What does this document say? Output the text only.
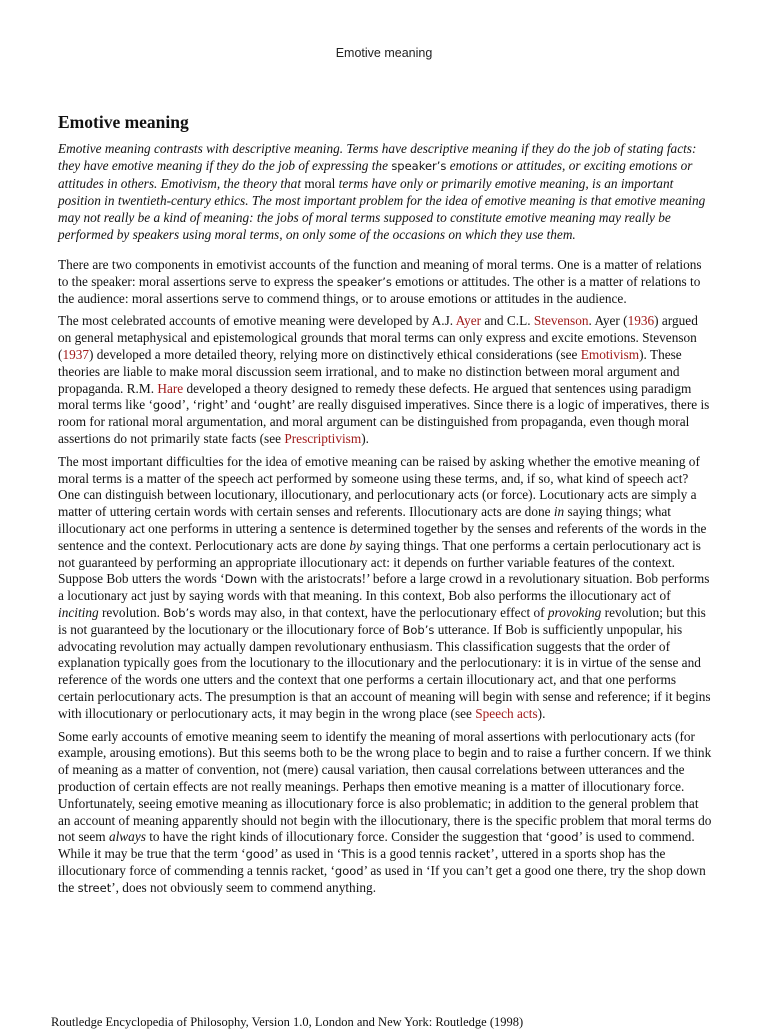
Emotive meaning
Emotive meaning

Emotive meaning contrasts with descriptive meaning. Terms have descriptive meaning if they do the job of stating facts: they have emotive meaning if they do the job of expressing the speaker’s emotions or attitudes, or exciting emotions or attitudes in others. Emotivism, the theory that moral terms have only or primarily emotive meaning, is an important position in twentieth-century ethics. The most important problem for the idea of emotive meaning is that emotive meaning may not really be a kind of meaning: the jobs of moral terms supposed to constitute emotive meaning may really be performed by speakers using moral terms, on only some of the occasions on which they use them.

There are two components in emotivist accounts of the function and meaning of moral terms. One is a matter of relations to the speaker: moral assertions serve to express the speaker’s emotions or attitudes. The other is a matter of relations to the audience: moral assertions serve to commend things, or to arouse emotions or attitudes in the audience.

The most celebrated accounts of emotive meaning were developed by A.J. Ayer and C.L. Stevenson. Ayer (1936) argued on general metaphysical and epistemological grounds that moral terms can only express and excite emotions. Stevenson (1937) developed a more detailed theory, relying more on distinctively ethical considerations (see Emotivism). These theories are liable to make moral discussion seem irrational, and to make no distinction between moral argument and propaganda. R.M. Hare developed a theory designed to remedy these defects. He argued that sentences using paradigm moral terms like ‘good’, ‘right’ and ‘ought’ are really disguised imperatives. Since there is a logic of imperatives, there is room for rational moral argumentation, and moral argument can be distinguished from propaganda, even though moral assertions do not primarily state facts (see Prescriptivism).

The most important difficulties for the idea of emotive meaning can be raised by asking whether the emotive meaning of moral terms is a matter of the speech act performed by someone using these terms, and, if so, what kind of speech act? One can distinguish between locutionary, illocutionary, and perlocutionary acts (or force). Locutionary acts are simply a matter of uttering certain words with certain senses and referents. Illocutionary acts are done in saying things; what illocutionary act one performs in uttering a sentence is determined together by the senses and referents of the words in the sentence and the context. Perlocutionary acts are done by saying things. That one performs a certain perlocutionary act is not guaranteed by performing an appropriate illocutionary act: it depends on further variable features of the context. Suppose Bob utters the words ‘Down with the aristocrats!’ before a large crowd in a revolutionary situation. Bob performs a locutionary act just by saying words with that meaning. In this context, Bob also performs the illocutionary act of inciting revolution. Bob’s words may also, in that context, have the perlocutionary effect of provoking revolution; but this is not guaranteed by the locutionary or the illocutionary force of Bob’s utterance. If Bob is sufficiently unpopular, his advocating revolution may actually dampen revolutionary enthusiasm. This classification suggests that the order of explanation typically goes from the locutionary to the illocutionary and the perlocutionary: it is in virtue of the sense and reference of the words one utters and the context that one performs a certain illocutionary act, and that one performs certain perlocutionary acts. The presumption is that an account of meaning will begin with sense and reference; if it begins with illocutionary or perlocutionary acts, it may begin in the wrong place (see Speech acts).

Some early accounts of emotive meaning seem to identify the meaning of moral assertions with perlocutionary acts (for example, arousing emotions). But this seems both to be the wrong place to begin and to raise a further concern. If we think of meaning as a matter of convention, not (mere) causal variation, then causal correlations between utterances and the production of certain effects are not really meanings. Perhaps then emotive meaning is a matter of illocutionary force. Unfortunately, seeing emotive meaning as illocutionary force is also problematic; in addition to the general problem that an account of meaning apparently should not begin with the illocutionary, there is the specific problem that moral terms do not seem always to have the right kinds of illocutionary force. Consider the suggestion that ‘good’ is used to commend. While it may be true that the term ‘good’ as used in ‘This is a good tennis racket’, uttered in a sports shop has the illocutionary force of commending a tennis racket, ‘good’ as used in ‘If you can’t get a good one there, try the shop down the street’, does not obviously seem to commend anything.

Routledge Encyclopedia of Philosophy, Version 1.0, London and New York: Routledge (1998)
